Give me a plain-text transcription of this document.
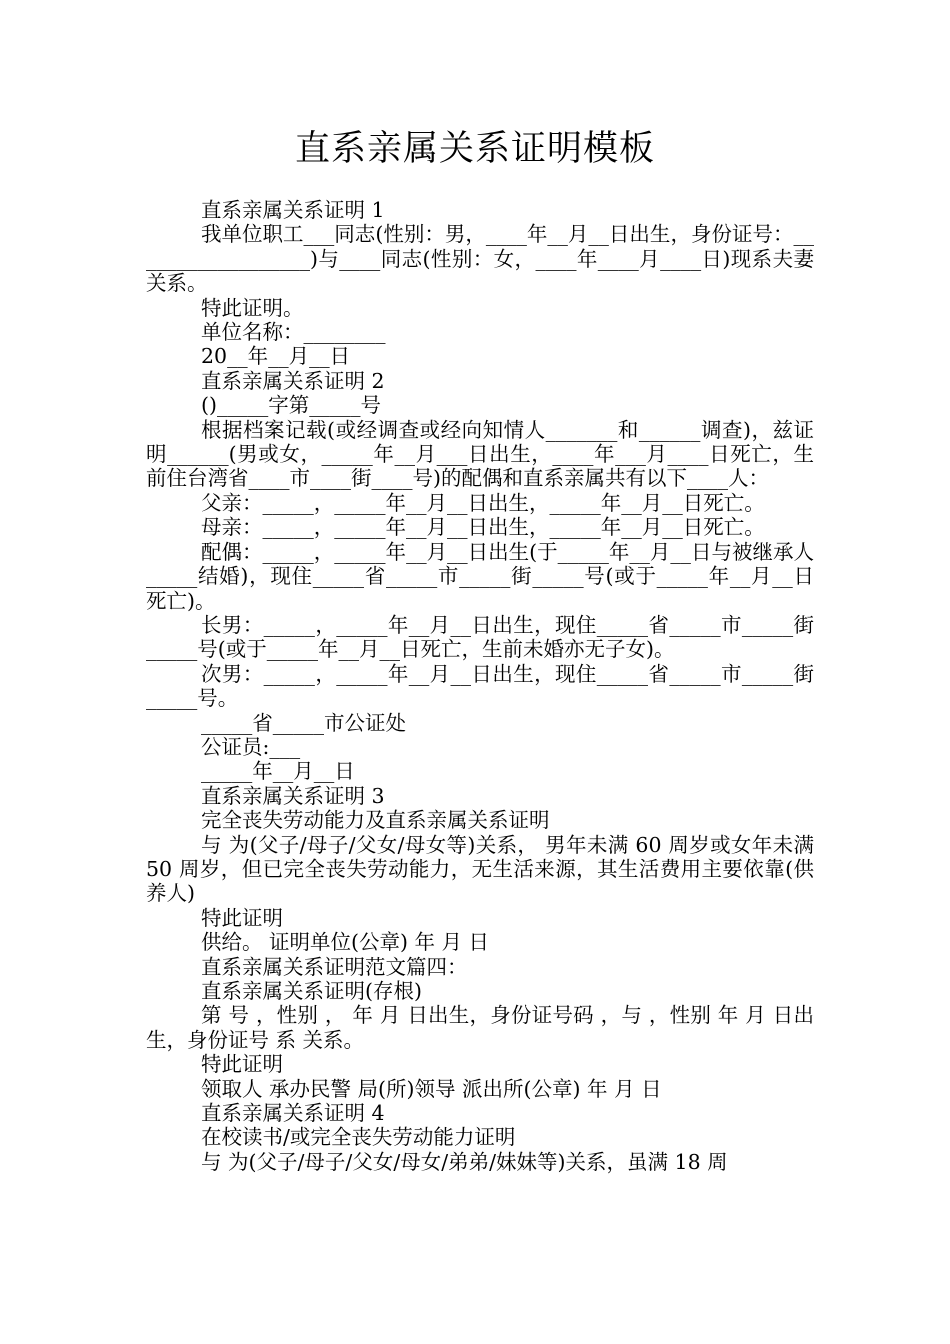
直系亲属关系证明模板

直系亲属关系证明 1

我单位职工___同志(性别：男，____年__月__日出生，身份证号：__________________)与____同志(性别：女，____年____月____日)现系夫妻关系。

特此证明。

单位名称：________

20__年__月__日

直系亲属关系证明 2

()_____字第_____号

根据档案记载(或经调查或经向知情人_______和______调查)，兹证明______(男或女，_____年__月___日出生，____年___月____日死亡，生前住台湾省____市____街____号)的配偶和直系亲属共有以下____人：

父亲：_____，_____年__月__日出生，_____年__月__日死亡。

母亲：_____，_____年__月__日出生，_____年__月__日死亡。

配偶：_____，_____年__月__日出生(于_____年__月__日与被继承人_____结婚)，现住_____省_____市_____街_____号(或于_____年__月__日死亡)。

长男：_____，_____年__月__日出生，现住_____省_____市_____街_____号(或于_____年__月__日死亡，生前未婚亦无子女)。

次男：_____，_____年__月__日出生，现住_____省_____市_____街_____号。

_____省_____市公证处

公证员:___

_____年__月__日

直系亲属关系证明 3

完全丧失劳动能力及直系亲属关系证明

与 为(父子/母子/父女/母女等)关系， 男年未满 60 周岁或女年未满 50 周岁，但已完全丧失劳动能力，无生活来源，其生活费用主要依靠(供养人)

特此证明

供给。 证明单位(公章) 年 月 日

直系亲属关系证明范文篇四：

直系亲属关系证明(存根)

第 号 ，性别 ， 年 月 日出生，身份证号码 ，与 ，性别 年 月 日出生，身份证号 系 关系。

特此证明

领取人 承办民警 局(所)领导 派出所(公章) 年 月 日

直系亲属关系证明 4

在校读书/或完全丧失劳动能力证明

与 为(父子/母子/父女/母女/弟弟/妹妹等)关系，虽满 18 周
